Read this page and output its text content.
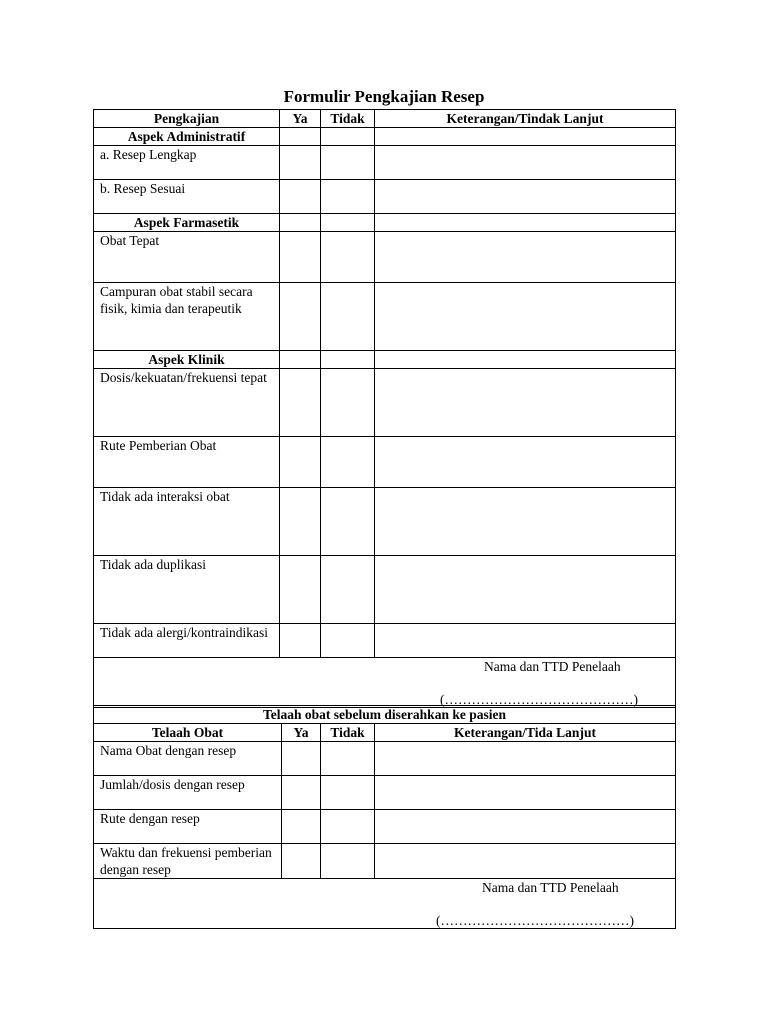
Formulir Pengkajian Resep
Pengkajian	Ya	Tidak	Keterangan/Tindak Lanjut
Aspek Administratif			
a. Resep Lengkap			
b. Resep Sesuai			
Aspek Farmasetik			
Obat Tepat			
Campuran obat stabil secara fisik, kimia dan terapeutik			
Aspek Klinik			
Dosis/kekuatan/frekuensi tepat			
Rute Pemberian Obat			
Tidak ada interaksi obat			
Tidak ada duplikasi			
Tidak ada alergi/kontraindikasi			

Nama dan TTD Penelaah
(……………………………………)			
Telaah obat sebelum diserahkan ke pasien			
Telaah Obat	Ya	Tidak	Keterangan/Tida Lanjut
Nama Obat dengan resep			
Jumlah/dosis dengan resep			
Rute dengan resep			
Waktu dan frekuensi pemberian dengan resep			

Nama dan TTD Penelaah
(……………………………………)			
